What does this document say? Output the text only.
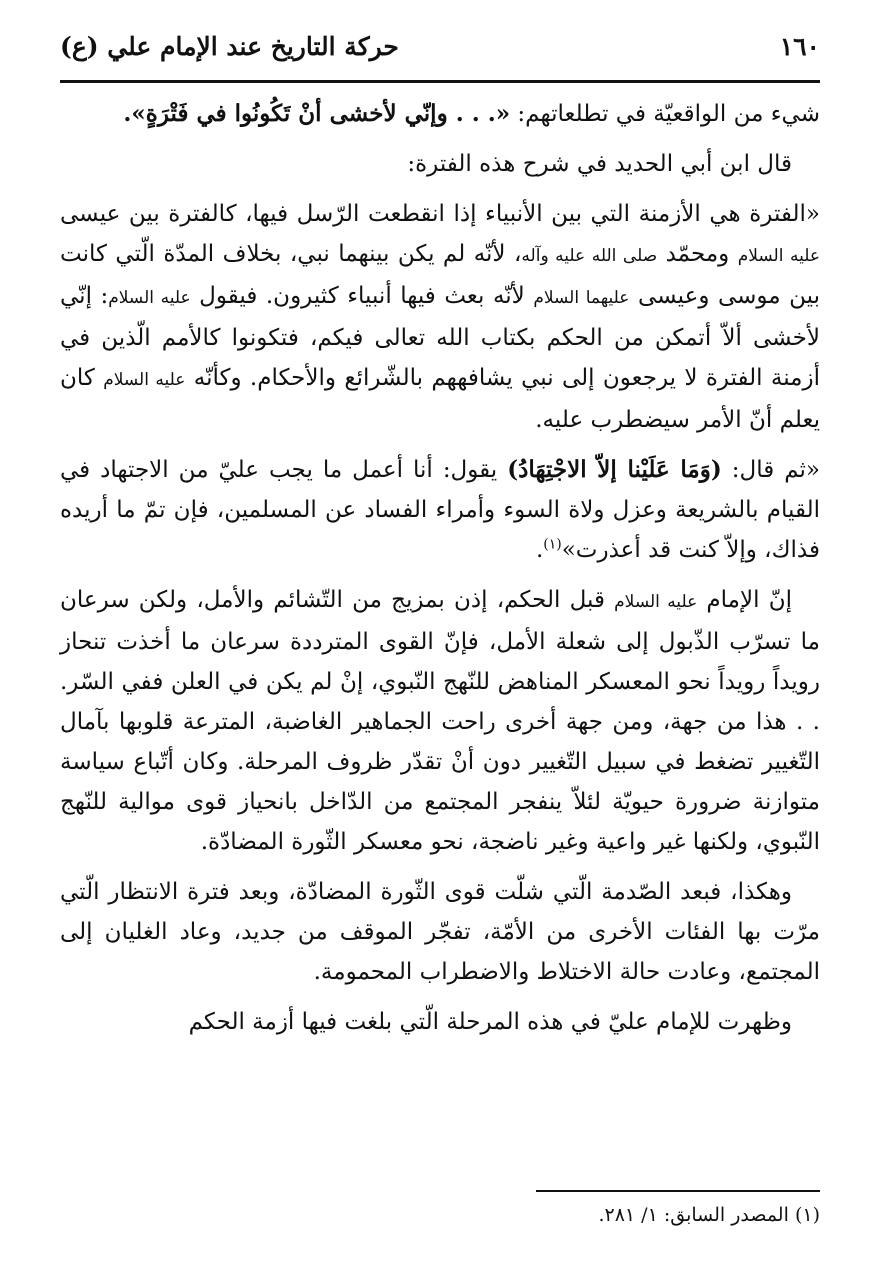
١٦٠
حركة التاريخ عند الإمام علي (ع)

شيء من الواقعيّة في تطلعاتهم: «. . . وإنّي لأخشى أنْ تَكُونُوا في فَتْرَةٍ».

قال ابن أبي الحديد في شرح هذه الفترة:

«الفترة هي الأزمنة التي بين الأنبياء إذا انقطعت الرّسل فيها، كالفترة بين عيسى عليه السلام ومحمّد صلى الله عليه وآله، لأنّه لم يكن بينهما نبي، بخلاف المدّة الّتي كانت بين موسى وعيسى عليهما السلام لأنّه بعث فيها أنبياء كثيرون. فيقول عليه السلام: إنّي لأخشى ألاّ أتمكن من الحكم بكتاب الله تعالى فيكم، فتكونوا كالأمم الّذين في أزمنة الفترة لا يرجعون إلى نبي يشافههم بالشّرائع والأحكام. وكأنّه عليه السلام كان يعلم أنّ الأمر سيضطرب عليه.

«ثم قال: (وَمَا عَلَيْنا إلاّ الاجْتِهَادُ) يقول: أنا أعمل ما يجب عليّ من الاجتهاد في القيام بالشريعة وعزل ولاة السوء وأمراء الفساد عن المسلمين، فإن تمّ ما أريده فذاك، وإلاّ كنت قد أعذرت»$^{(١)}$.

إنّ الإمام عليه السلام قبل الحكم، إذن بمزيج من التّشائم والأمل، ولكن سرعان ما تسرّب الذّبول إلى شعلة الأمل، فإنّ القوى المترددة سرعان ما أخذت تنحاز رويداً رويداً نحو المعسكر المناهض للنّهج النّبوي، إنْ لم يكن في العلن ففي السّر. . . هذا من جهة، ومن جهة أخرى راحت الجماهير الغاضبة، المترعة قلوبها بآمال التّغيير تضغط في سبيل التّغيير دون أنْ تقدّر ظروف المرحلة. وكان أتّباع سياسة متوازنة ضرورة حيويّة لئلاّ ينفجر المجتمع من الدّاخل بانحياز قوى موالية للنّهج النّبوي، ولكنها غير واعية وغير ناضجة، نحو معسكر الثّورة المضادّة.

وهكذا، فبعد الصّدمة الّتي شلّت قوى الثّورة المضادّة، وبعد فترة الانتظار الّتي مرّت بها الفئات الأخرى من الأمّة، تفجّر الموقف من جديد، وعاد الغليان إلى المجتمع، وعادت حالة الاختلاط والاضطراب المحمومة.

وظهرت للإمام عليّ في هذه المرحلة الّتي بلغت فيها أزمة الحكم

(١) المصدر السابق: ١/ ٢٨١.
